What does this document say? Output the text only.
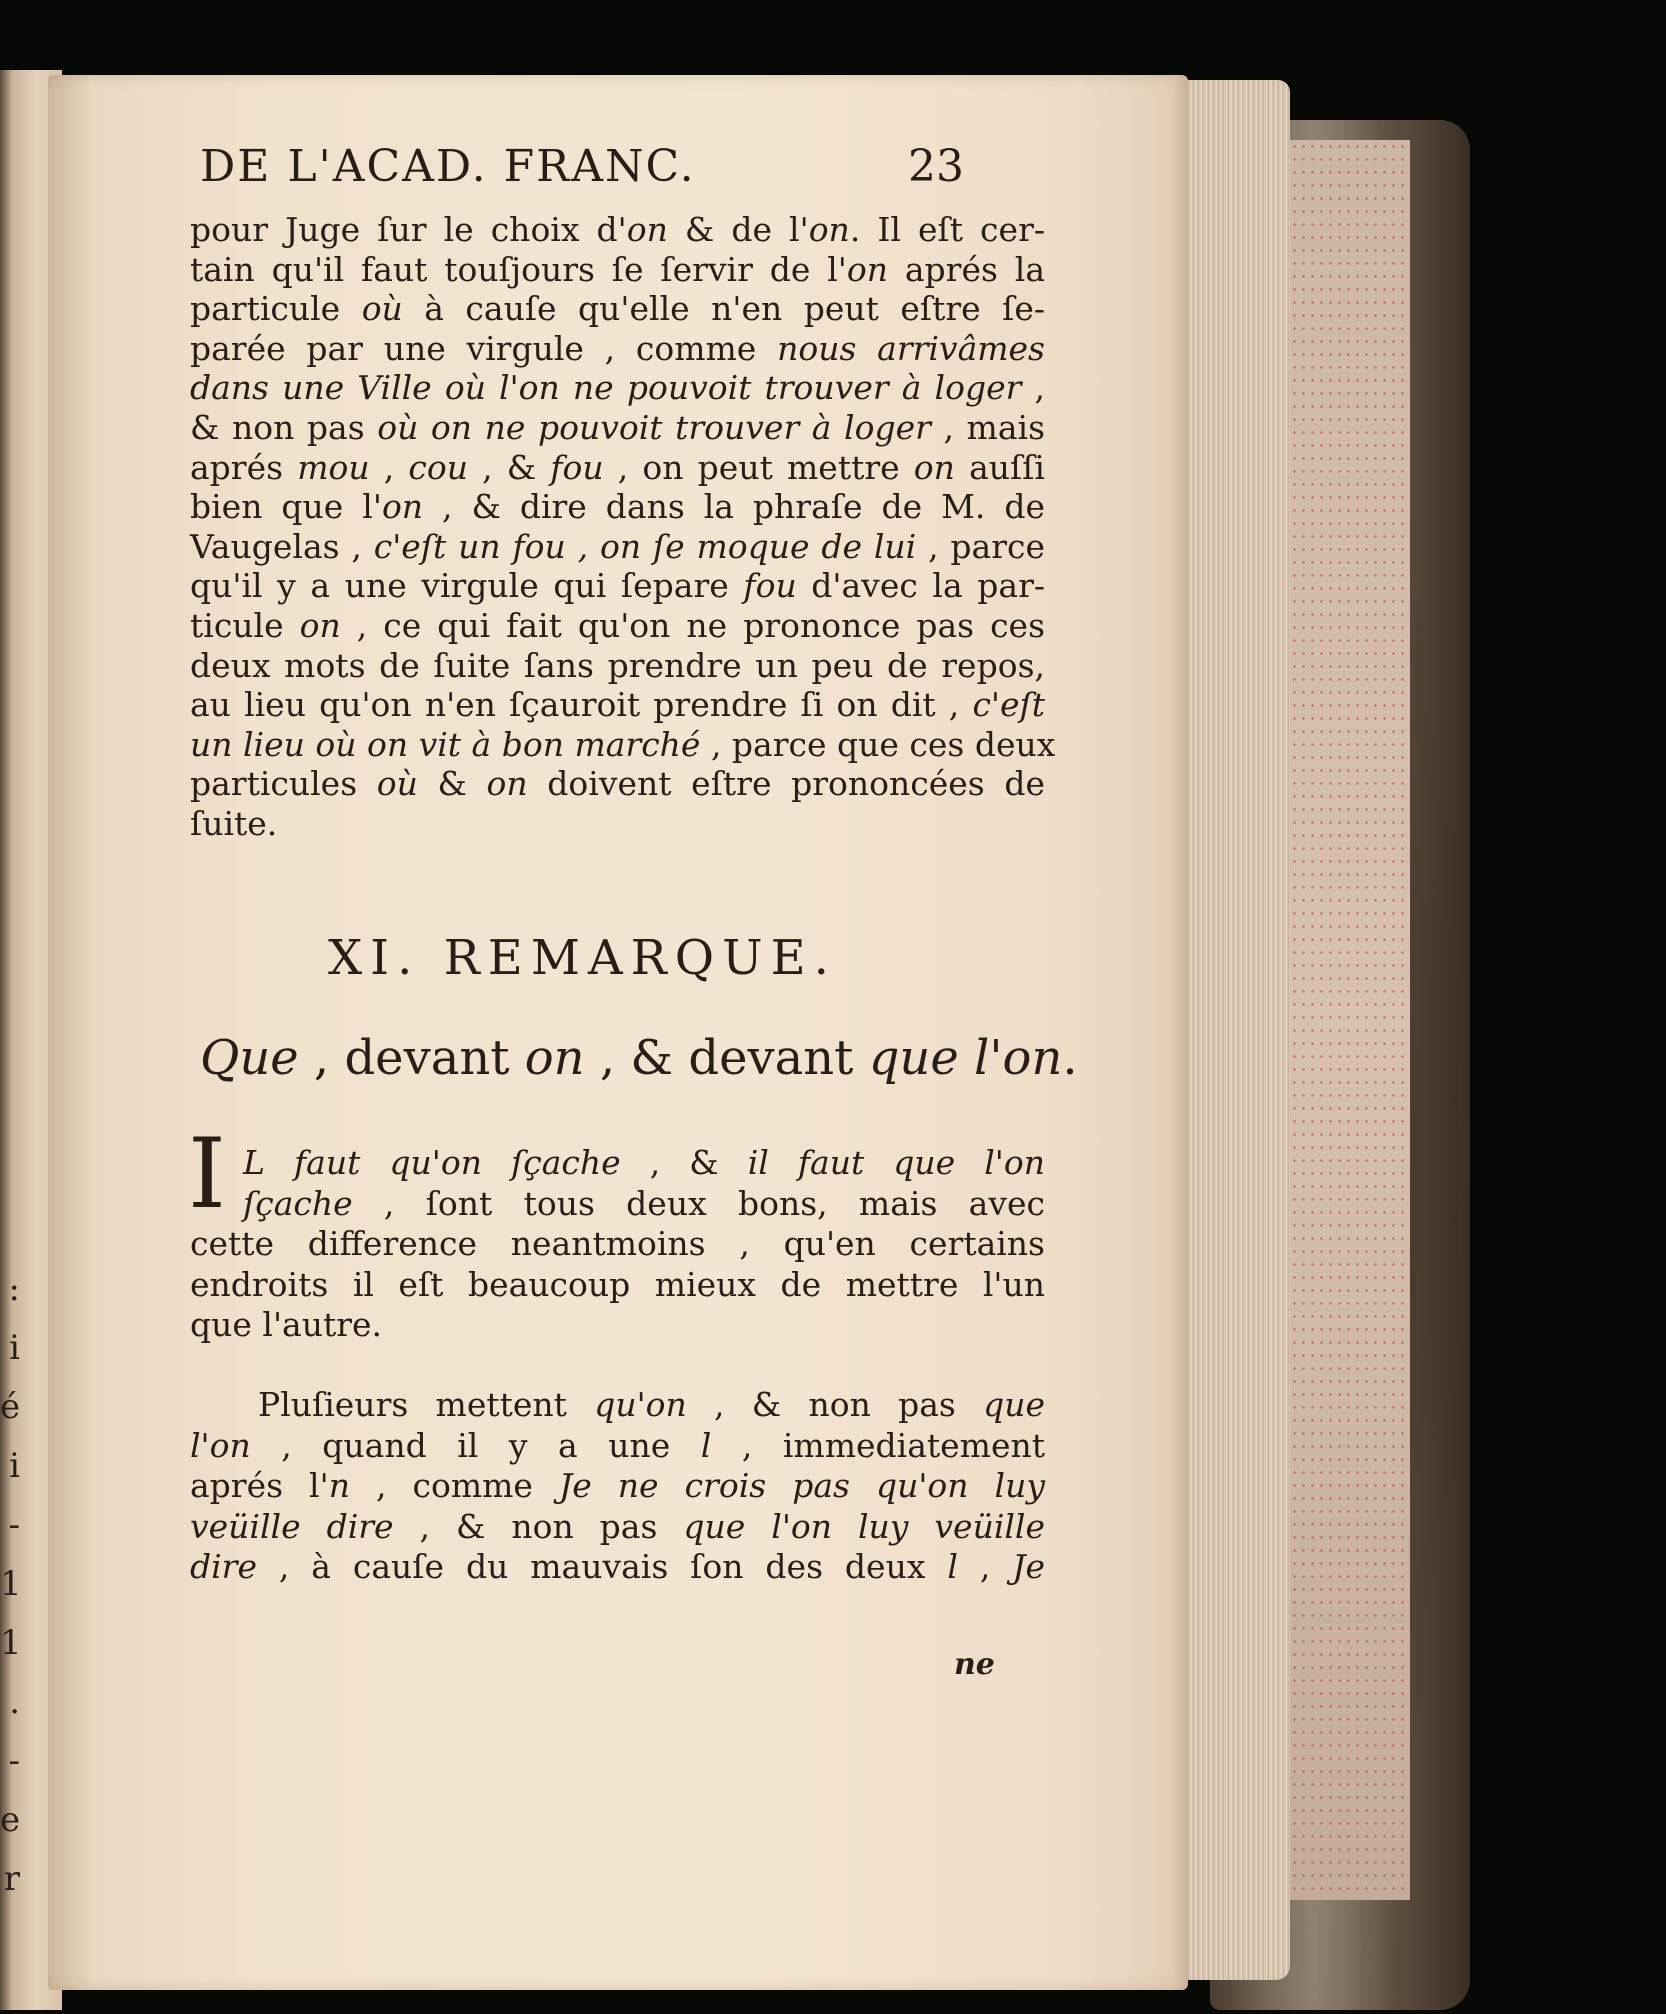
:
i
é
i
-
1
1
.
-
e
r
DE L'ACAD. FRANC.	23
pour Juge ſur le choix d'on & de l'on. Il eſt cer-
tain qu'il faut touſjours ſe ſervir de l'on aprés la
particule où à cauſe qu'elle n'en peut eſtre ſe-
parée par une virgule , comme nous arrivâmes
dans une Ville où l'on ne pouvoit trouver à loger ,
& non pas où on ne pouvoit trouver à loger , mais
aprés mou , cou , & fou , on peut mettre on auſſi
bien que l'on , & dire dans la phraſe de M. de
Vaugelas , c'eſt un fou , on ſe moque de lui , parce
qu'il y a une virgule qui ſepare fou d'avec la par-
ticule on , ce qui fait qu'on ne prononce pas ces
deux mots de ſuite ſans prendre un peu de repos,
au lieu qu'on n'en ſçauroit prendre ſi on dit , c'eſt
un lieu où on vit à bon marché , parce que ces deux
particules où & on doivent eſtre prononcées de
ſuite.
XI. REMARQUE.
Que , devant on , & devant que l'on.
I L faut qu'on ſçache , & il faut que l'on
ſçache , ſont tous deux bons, mais avec
cette difference neantmoins , qu'en certains
endroits il eſt beaucoup mieux de mettre l'un
que l'autre.
Pluſieurs mettent qu'on , & non pas que
l'on , quand il y a une l , immediatement
aprés l'n , comme Je ne crois pas qu'on luy
veüille dire , & non pas que l'on luy veüille
dire , à cauſe du mauvais ſon des deux l , Je
ne
